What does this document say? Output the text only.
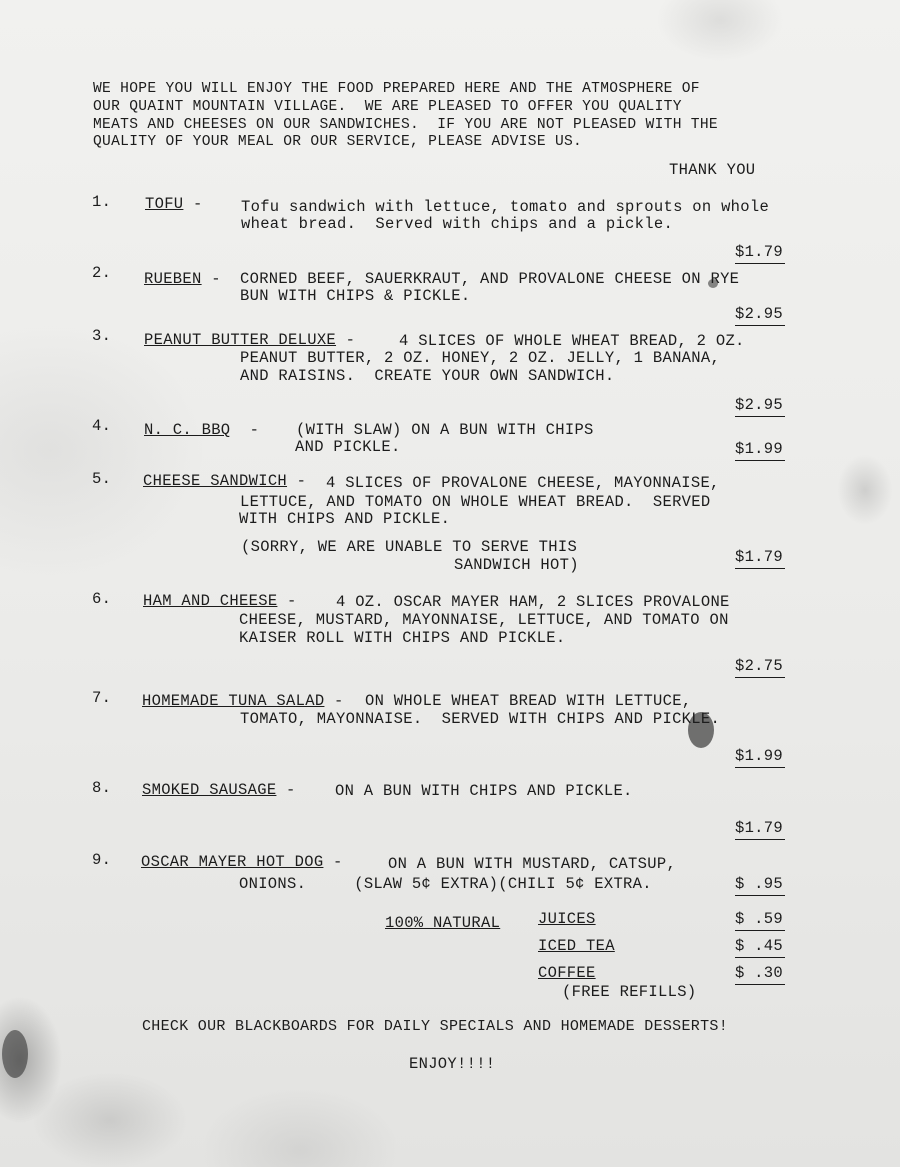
WE HOPE YOU WILL ENJOY THE FOOD PREPARED HERE AND THE ATMOSPHERE OF
OUR QUAINT MOUNTAIN VILLAGE.  WE ARE PLEASED TO OFFER YOU QUALITY
MEATS AND CHEESES ON OUR SANDWICHES.  IF YOU ARE NOT PLEASED WITH THE
QUALITY OF YOUR MEAL OR OUR SERVICE, PLEASE ADVISE US.
THANK YOU
1. TOFU - Tofu sandwich with lettuce, tomato and sprouts on whole
wheat bread.  Served with chips and a pickle.
$1.79
2. RUEBEN - CORNED BEEF, SAUERKRAUT, AND PROVALONE CHEESE ON RYE
BUN WITH CHIPS & PICKLE.
$2.95
3. PEANUT BUTTER DELUXE - 4 SLICES OF WHOLE WHEAT BREAD, 2 OZ.
PEANUT BUTTER, 2 OZ. HONEY, 2 OZ. JELLY, 1 BANANA,
AND RAISINS.  CREATE YOUR OWN SANDWICH.
$2.95
4. N. C. BBQ  - (WITH SLAW) ON A BUN WITH CHIPS
AND PICKLE.	$1.99
5. CHEESE SANDWICH - 4 SLICES OF PROVALONE CHEESE, MAYONNAISE,
LETTUCE, AND TOMATO ON WHOLE WHEAT BREAD.  SERVED
WITH CHIPS AND PICKLE.
(SORRY, WE ARE UNABLE TO SERVE THIS
SANDWICH HOT)	$1.79
6. HAM AND CHEESE - 4 OZ. OSCAR MAYER HAM, 2 SLICES PROVALONE
CHEESE, MUSTARD, MAYONNAISE, LETTUCE, AND TOMATO ON
KAISER ROLL WITH CHIPS AND PICKLE.
$2.75
7. HOMEMADE TUNA SALAD - ON WHOLE WHEAT BREAD WITH LETTUCE,
TOMATO, MAYONNAISE.  SERVED WITH CHIPS AND PICKLE.
$1.99
8. SMOKED SAUSAGE - ON A BUN WITH CHIPS AND PICKLE.
$1.79
9. OSCAR MAYER HOT DOG - ON A BUN WITH MUSTARD, CATSUP,
ONIONS.     (SLAW 5¢ EXTRA)(CHILI 5¢ EXTRA.	$ .95
100% NATURAL JUICES	$ .59
ICED TEA	$ .45
COFFEE	$ .30
(FREE REFILLS)
CHECK OUR BLACKBOARDS FOR DAILY SPECIALS AND HOMEMADE DESSERTS!
ENJOY!!!!
